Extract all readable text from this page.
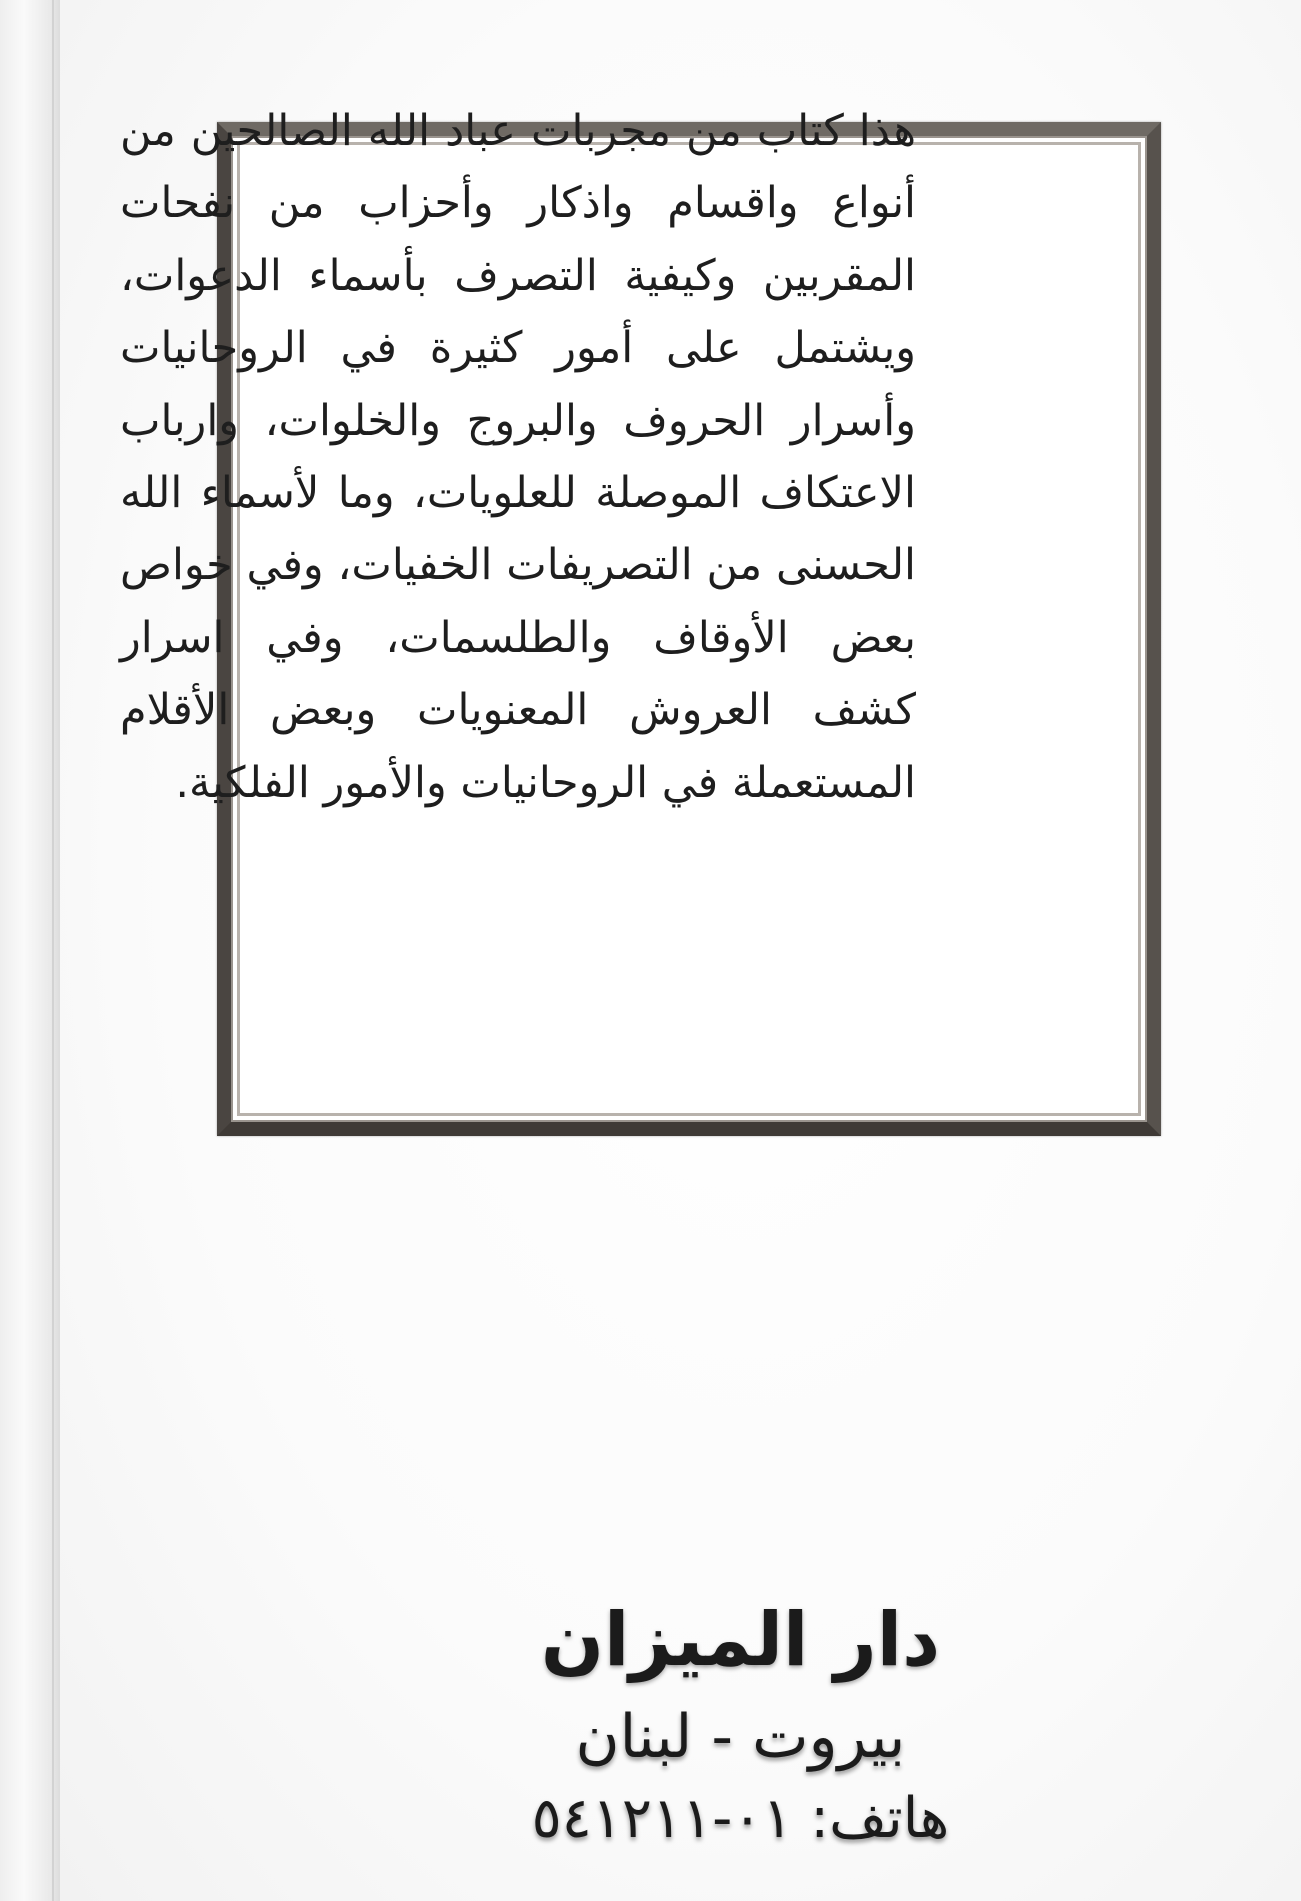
هذا كتاب من مجربات عباد الله الصالحين من أنواع واقسام واذكار وأحزاب من نفحات المقربين وكيفية التصرف بأسماء الدعوات، ويشتمل على أمور كثيرة في الروحانيات وأسرار الحروف والبروج والخلوات، وارباب الاعتكاف الموصلة للعلويات، وما لأسماء الله الحسنى من التصريفات الخفيات، وفي خواص بعض الأوقاف والطلسمات، وفي اسرار كشف العروش المعنويات وبعض الأقلام المستعملة في الروحانيات والأمور الفلكية.

دار الميزان
بيروت - لبنان
هاتف: ٠١-٥٤١٢١١
